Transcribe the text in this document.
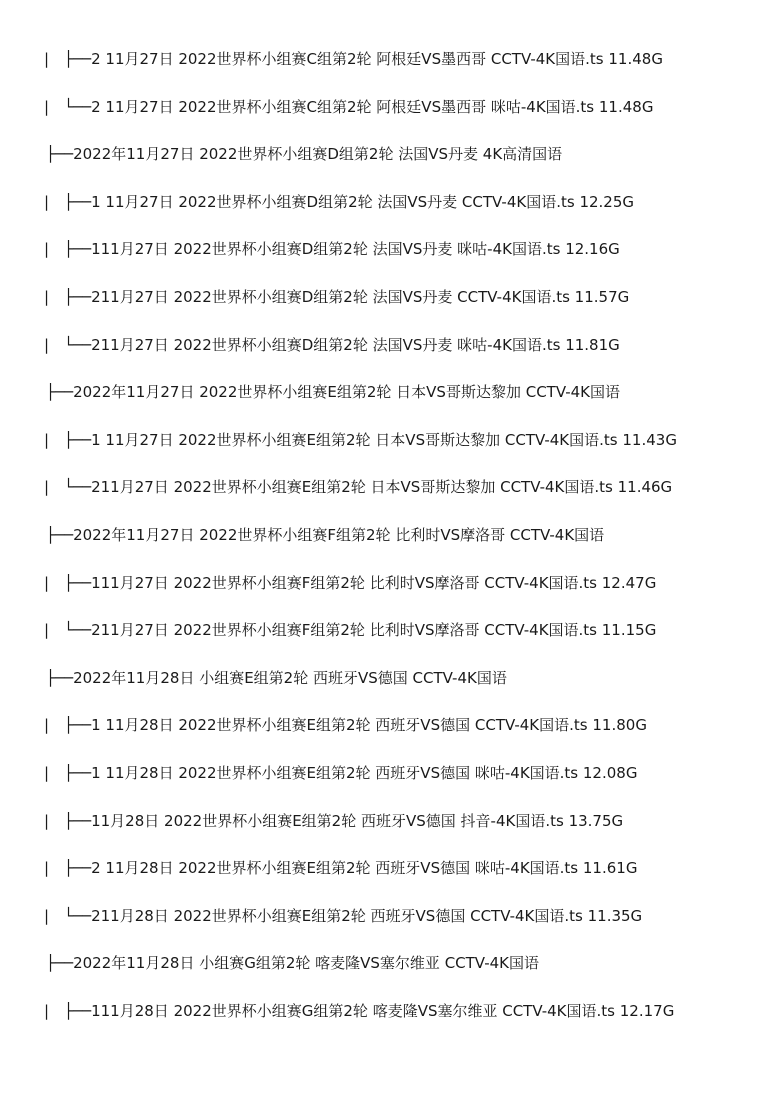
| ├──2 11月27日 2022世界杯小组赛C组第2轮 阿根廷VS墨西哥 CCTV-4K国语.ts 11.48G
| └──2 11月27日 2022世界杯小组赛C组第2轮 阿根廷VS墨西哥 咪咕-4K国语.ts 11.48G
├──2022年11月27日 2022世界杯小组赛D组第2轮 法国VS丹麦 4K高清国语
| ├──1 11月27日 2022世界杯小组赛D组第2轮 法国VS丹麦 CCTV-4K国语.ts 12.25G
| ├──111月27日 2022世界杯小组赛D组第2轮 法国VS丹麦 咪咕-4K国语.ts 12.16G
| ├──211月27日 2022世界杯小组赛D组第2轮 法国VS丹麦 CCTV-4K国语.ts 11.57G
| └──211月27日 2022世界杯小组赛D组第2轮 法国VS丹麦 咪咕-4K国语.ts 11.81G
├──2022年11月27日 2022世界杯小组赛E组第2轮 日本VS哥斯达黎加 CCTV-4K国语
| ├──1 11月27日 2022世界杯小组赛E组第2轮 日本VS哥斯达黎加 CCTV-4K国语.ts 11.43G
| └──211月27日 2022世界杯小组赛E组第2轮 日本VS哥斯达黎加 CCTV-4K国语.ts 11.46G
├──2022年11月27日 2022世界杯小组赛F组第2轮 比利时VS摩洛哥 CCTV-4K国语
| ├──111月27日 2022世界杯小组赛F组第2轮 比利时VS摩洛哥 CCTV-4K国语.ts 12.47G
| └──211月27日 2022世界杯小组赛F组第2轮 比利时VS摩洛哥 CCTV-4K国语.ts 11.15G
├──2022年11月28日 小组赛E组第2轮 西班牙VS德国 CCTV-4K国语
| ├──1 11月28日 2022世界杯小组赛E组第2轮 西班牙VS德国 CCTV-4K国语.ts 11.80G
| ├──1 11月28日 2022世界杯小组赛E组第2轮 西班牙VS德国 咪咕-4K国语.ts 12.08G
| ├──11月28日 2022世界杯小组赛E组第2轮 西班牙VS德国 抖音-4K国语.ts 13.75G
| ├──2 11月28日 2022世界杯小组赛E组第2轮 西班牙VS德国 咪咕-4K国语.ts 11.61G
| └──211月28日 2022世界杯小组赛E组第2轮 西班牙VS德国 CCTV-4K国语.ts 11.35G
├──2022年11月28日 小组赛G组第2轮 喀麦隆VS塞尔维亚 CCTV-4K国语
| ├──111月28日 2022世界杯小组赛G组第2轮 喀麦隆VS塞尔维亚 CCTV-4K国语.ts 12.17G
